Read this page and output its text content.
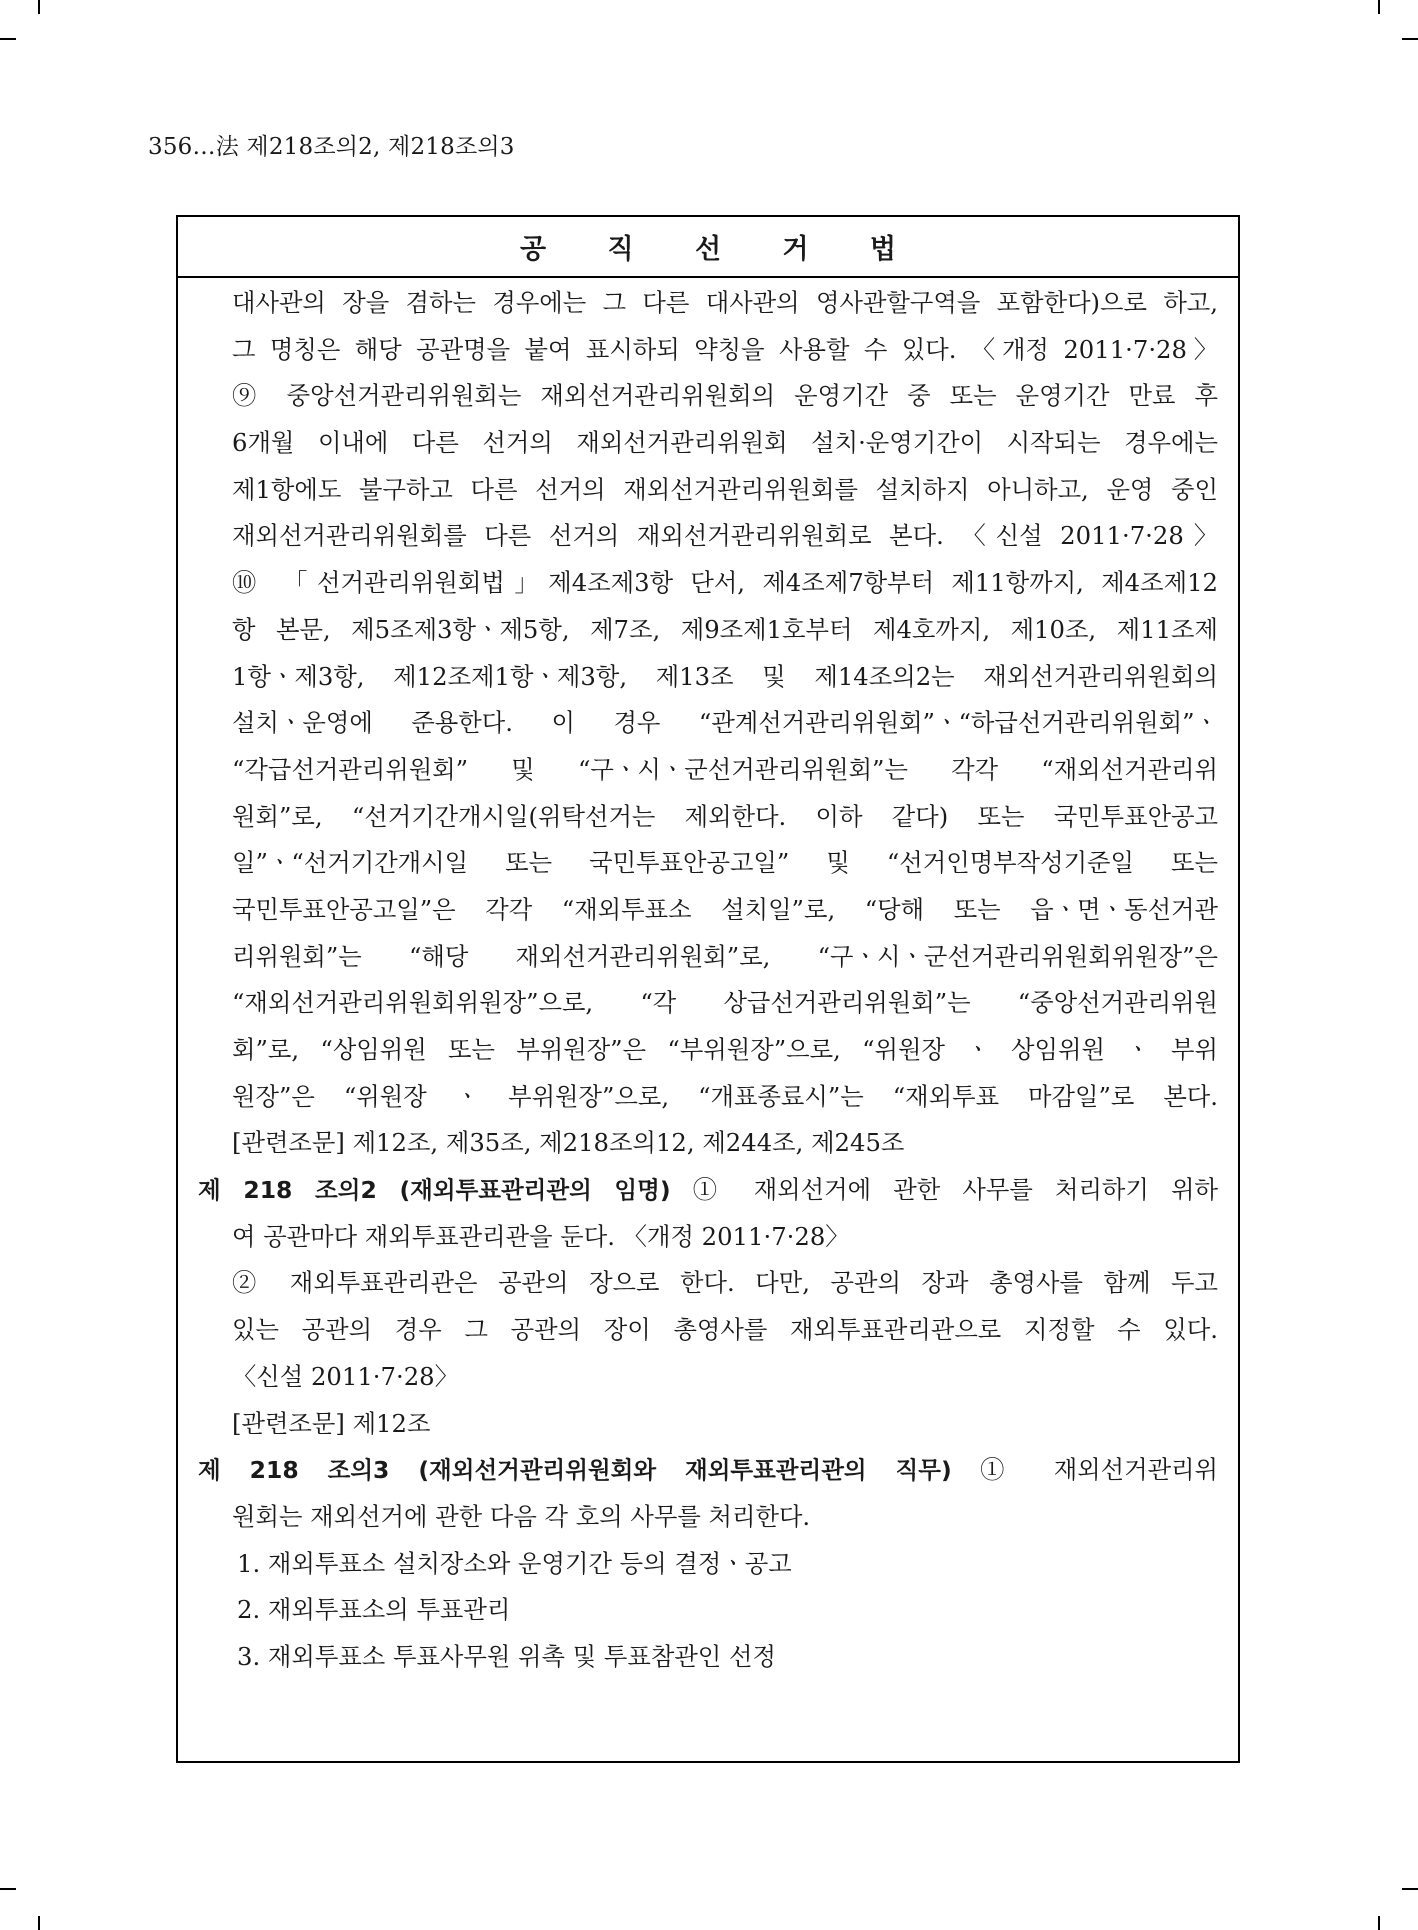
356…法 제218조의2, 제218조의3
공 직 선 거 법
대사관의 장을 겸하는 경우에는 그 다른 대사관의 영사관할구역을 포함한다)으로 하고,
그 명칭은 해당 공관명을 붙여 표시하되 약칭을 사용할 수 있다. 〈개정 2011·7·28〉
⑨ 중앙선거관리위원회는 재외선거관리위원회의 운영기간 중 또는 운영기간 만료 후
6개월 이내에 다른 선거의 재외선거관리위원회 설치·운영기간이 시작되는 경우에는
제1항에도 불구하고 다른 선거의 재외선거관리위원회를 설치하지 아니하고, 운영 중인
재외선거관리위원회를 다른 선거의 재외선거관리위원회로 본다. 〈신설 2011·7·28〉
⑩ 「선거관리위원회법」제4조제3항 단서, 제4조제7항부터 제11항까지, 제4조제12
항 본문, 제5조제3항ㆍ제5항, 제7조, 제9조제1호부터 제4호까지, 제10조, 제11조제
1항ㆍ제3항, 제12조제1항ㆍ제3항, 제13조 및 제14조의2는 재외선거관리위원회의
설치ㆍ운영에 준용한다. 이 경우 “관계선거관리위원회”ㆍ“하급선거관리위원회”ㆍ
“각급선거관리위원회” 및 “구ㆍ시ㆍ군선거관리위원회”는 각각 “재외선거관리위
원회”로, “선거기간개시일(위탁선거는 제외한다. 이하 같다) 또는 국민투표안공고
일”ㆍ“선거기간개시일 또는 국민투표안공고일” 및 “선거인명부작성기준일 또는
국민투표안공고일”은 각각 “재외투표소 설치일”로, “당해 또는 읍ㆍ면ㆍ동선거관
리위원회”는 “해당 재외선거관리위원회”로, “구ㆍ시ㆍ군선거관리위원회위원장”은
“재외선거관리위원회위원장”으로, “각 상급선거관리위원회”는 “중앙선거관리위원
회”로, “상임위원 또는 부위원장”은 “부위원장”으로, “위원장 ㆍ 상임위원 ㆍ 부위
원장”은 “위원장 ㆍ 부위원장”으로, “개표종료시”는 “재외투표 마감일”로 본다.
[관련조문] 제12조, 제35조, 제218조의12, 제244조, 제245조
제 218 조의2 (재외투표관리관의 임명) ① 재외선거에 관한 사무를 처리하기 위하
여 공관마다 재외투표관리관을 둔다. 〈개정 2011·7·28〉
② 재외투표관리관은 공관의 장으로 한다. 다만, 공관의 장과 총영사를 함께 두고
있는 공관의 경우 그 공관의 장이 총영사를 재외투표관리관으로 지정할 수 있다.
〈신설 2011·7·28〉
[관련조문] 제12조
제 218 조의3 (재외선거관리위원회와 재외투표관리관의 직무) ① 재외선거관리위
원회는 재외선거에 관한 다음 각 호의 사무를 처리한다.
1. 재외투표소 설치장소와 운영기간 등의 결정ㆍ공고
2. 재외투표소의 투표관리
3. 재외투표소 투표사무원 위촉 및 투표참관인 선정
